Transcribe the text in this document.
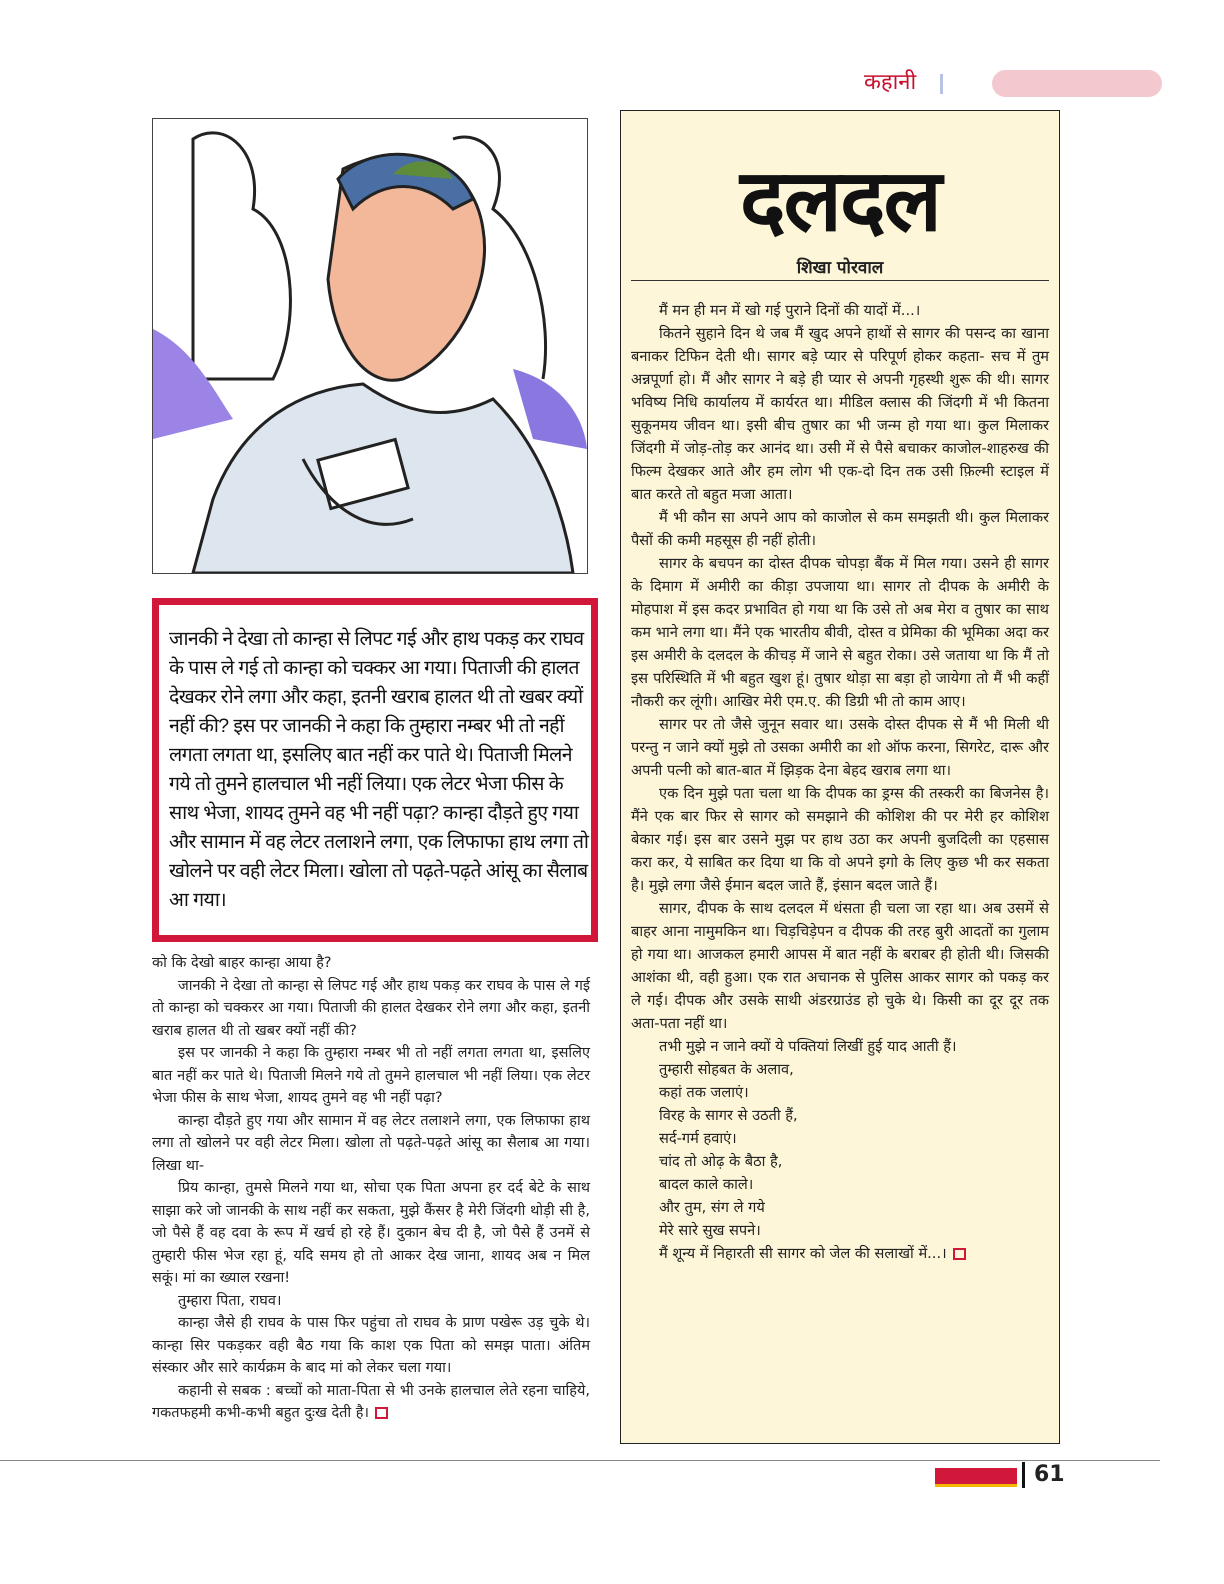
कहानी
जानकी ने देखा तो कान्हा से लिपट गई और हाथ पकड़ कर राघव के पास ले गई तो कान्हा को चक्कर आ गया। पिताजी की हालत देखकर रोने लगा और कहा, इतनी खराब हालत थी तो खबर क्यों नहीं की? इस पर जानकी ने कहा कि तुम्हारा नम्बर भी तो नहीं लगता लगता था, इसलिए बात नहीं कर पाते थे। पिताजी मिलने गये तो तुमने हालचाल भी नहीं लिया। एक लेटर भेजा फीस के साथ भेजा, शायद तुमने वह भी नहीं पढ़ा? कान्हा दौड़ते हुए गया और सामान में वह लेटर तलाशने लगा, एक लिफाफा हाथ लगा तो खोलने पर वही लेटर मिला। खोला तो पढ़ते-पढ़ते आंसू का सैलाब आ गया।

को कि देखो बाहर कान्हा आया है?

जानकी ने देखा तो कान्हा से लिपट गई और हाथ पकड़ कर राघव के पास ले गई तो कान्हा को चक्करर आ गया। पिताजी की हालत देखकर रोने लगा और कहा, इतनी खराब हालत थी तो खबर क्यों नहीं की?

इस पर जानकी ने कहा कि तुम्हारा नम्बर भी तो नहीं लगता लगता था, इसलिए बात नहीं कर पाते थे। पिताजी मिलने गये तो तुमने हालचाल भी नहीं लिया। एक लेटर भेजा फीस के साथ भेजा, शायद तुमने वह भी नहीं पढ़ा?

कान्हा दौड़ते हुए गया और सामान में वह लेटर तलाशने लगा, एक लिफाफा हाथ लगा तो खोलने पर वही लेटर मिला। खोला तो पढ़ते-पढ़ते आंसू का सैलाब आ गया। लिखा था-

प्रिय कान्हा, तुमसे मिलने गया था, सोचा एक पिता अपना हर दर्द बेटे के साथ साझा करे जो जानकी के साथ नहीं कर सकता, मुझे कैंसर है मेरी जिंदगी थोड़ी सी है, जो पैसे हैं वह दवा के रूप में खर्च हो रहे हैं। दुकान बेच दी है, जो पैसे हैं उनमें से तुम्हारी फीस भेज रहा हूं, यदि समय हो तो आकर देख जाना, शायद अब न मिल सकूं। मां का ख्याल रखना!

तुम्हारा पिता, राघव।

कान्हा जैसे ही राघव के पास फिर पहुंचा तो राघव के प्राण पखेरू उड़ चुके थे। कान्हा सिर पकड़कर वही बैठ गया कि काश एक पिता को समझ पाता। अंतिम संस्कार और सारे कार्यक्रम के बाद मां को लेकर चला गया।

कहानी से सबक : बच्चों को माता-पिता से भी उनके हालचाल लेते रहना चाहिये, गकतफहमी कभी-कभी बहुत दुःख देती है।

दलदल
शिखा पोरवाल

मैं मन ही मन में खो गई पुराने दिनों की यादों में...।

कितने सुहाने दिन थे जब मैं खुद अपने हाथों से सागर की पसन्द का खाना बनाकर टिफिन देती थी। सागर बड़े प्यार से परिपूर्ण होकर कहता- सच में तुम अन्नपूर्णा हो। मैं और सागर ने बड़े ही प्यार से अपनी गृहस्थी शुरू की थी। सागर भविष्य निधि कार्यालय में कार्यरत था। मीडिल क्लास की जिंदगी में भी कितना सुकूनमय जीवन था। इसी बीच तुषार का भी जन्म हो गया था। कुल मिलाकर जिंदगी में जोड़-तोड़ कर आनंद था। उसी में से पैसे बचाकर काजोल-शाहरुख की फिल्म देखकर आते और हम लोग भी एक-दो दिन तक उसी फ़िल्मी स्टाइल में बात करते तो बहुत मजा आता।

मैं भी कौन सा अपने आप को काजोल से कम समझती थी। कुल मिलाकर पैसों की कमी महसूस ही नहीं होती।

सागर के बचपन का दोस्त दीपक चोपड़ा बैंक में मिल गया। उसने ही सागर के दिमाग में अमीरी का कीड़ा उपजाया था। सागर तो दीपक के अमीरी के मोहपाश में इस कदर प्रभावित हो गया था कि उसे तो अब मेरा व तुषार का साथ कम भाने लगा था। मैंने एक भारतीय बीवी, दोस्त व प्रेमिका की भूमिका अदा कर इस अमीरी के दलदल के कीचड़ में जाने से बहुत रोका। उसे जताया था कि मैं तो इस परिस्थिति में भी बहुत खुश हूं। तुषार थोड़ा सा बड़ा हो जायेगा तो मैं भी कहीं नौकरी कर लूंगी। आखिर मेरी एम.ए. की डिग्री भी तो काम आए।

सागर पर तो जैसे जुनून सवार था। उसके दोस्त दीपक से मैं भी मिली थी परन्तु न जाने क्यों मुझे तो उसका अमीरी का शो ऑफ करना, सिगरेट, दारू और अपनी पत्नी को बात-बात में झिड़क देना बेहद खराब लगा था।

एक दिन मुझे पता चला था कि दीपक का ड्रग्स की तस्करी का बिजनेस है। मैंने एक बार फिर से सागर को समझाने की कोशिश की पर मेरी हर कोशिश बेकार गई। इस बार उसने मुझ पर हाथ उठा कर अपनी बुजदिली का एहसास करा कर, ये साबित कर दिया था कि वो अपने इगो के लिए कुछ भी कर सकता है। मुझे लगा जैसे ईमान बदल जाते हैं, इंसान बदल जाते हैं।

सागर, दीपक के साथ दलदल में धंसता ही चला जा रहा था। अब उसमें से बाहर आना नामुमकिन था। चिड़चिड़ेपन व दीपक की तरह बुरी आदतों का गुलाम हो गया था। आजकल हमारी आपस में बात नहीं के बराबर ही होती थी। जिसकी आशंका थी, वही हुआ। एक रात अचानक से पुलिस आकर सागर को पकड़ कर ले गई। दीपक और उसके साथी अंडरग्राउंड हो चुके थे। किसी का दूर दूर तक अता-पता नहीं था।

तभी मुझे न जाने क्यों ये पक्तियां लिखीं हुई याद आती हैं।

तुम्हारी सोहबत के अलाव,

कहां तक जलाएं।

विरह के सागर से उठती हैं,

सर्द-गर्म हवाएं।

चांद तो ओढ़ के बैठा है,

बादल काले काले।

और तुम, संग ले गये

मेरे सारे सुख सपने।

मैं शून्य में निहारती सी सागर को जेल की सलाखों में...।

61
